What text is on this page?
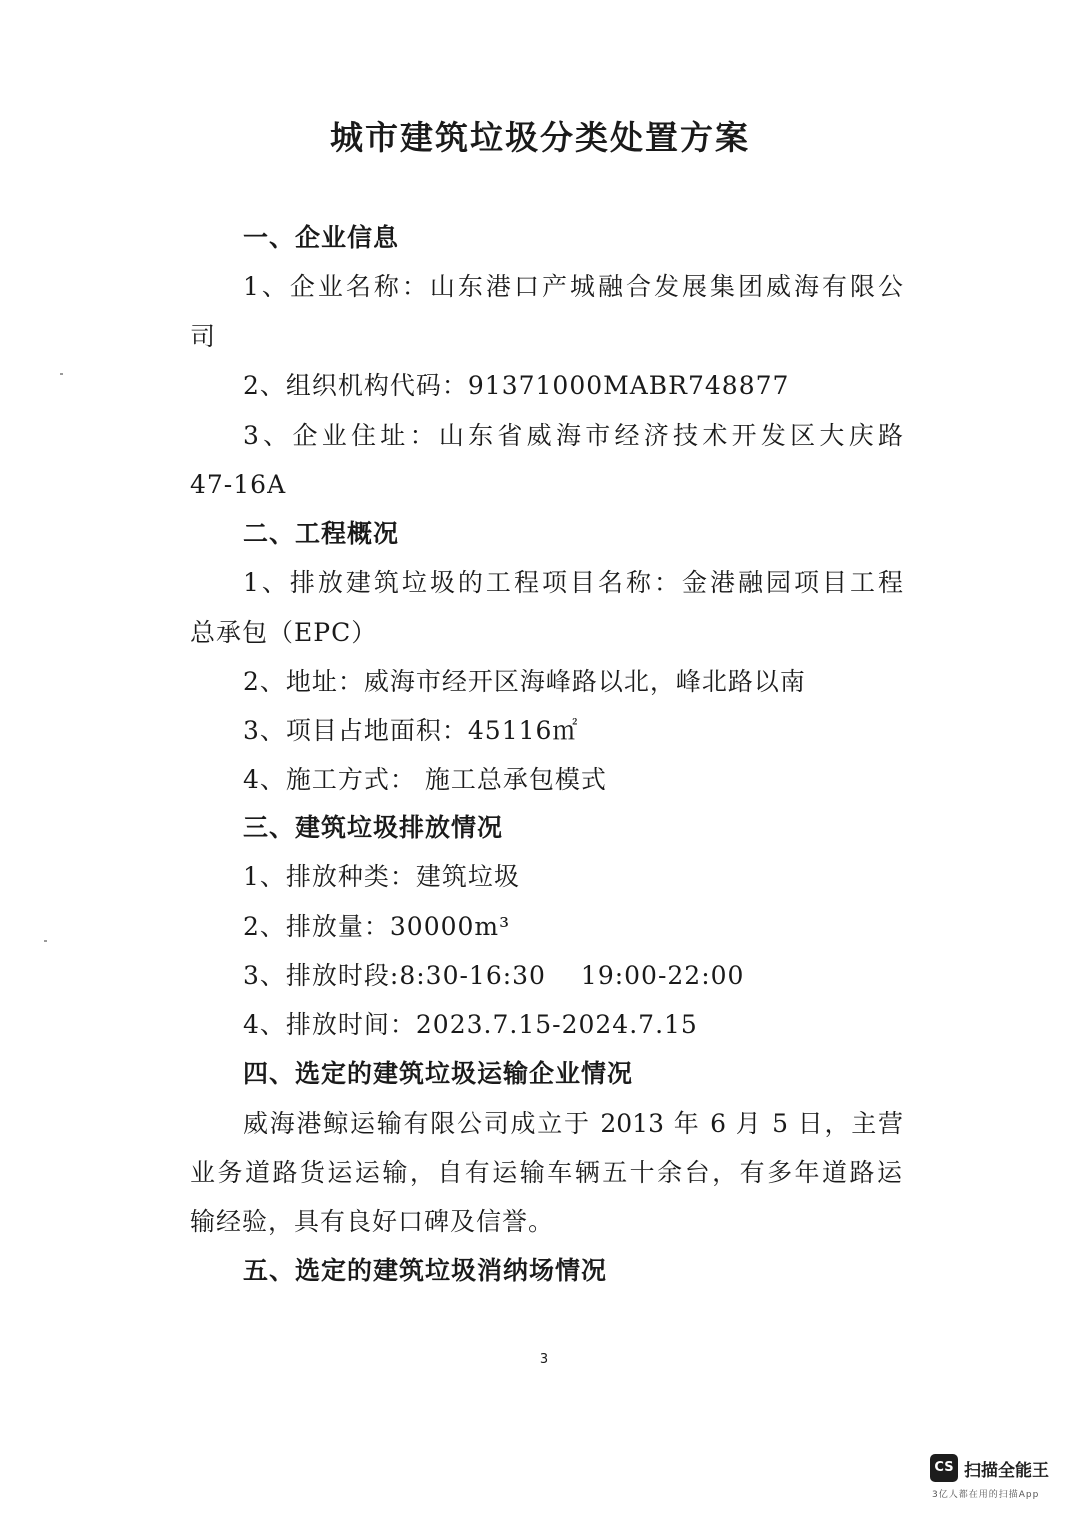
城市建筑垃圾分类处置方案
一、企业信息
1、企业名称：山东港口产城融合发展集团威海有限公
司
2、组织机构代码：91371000MABR748877
3、企业住址：山东省威海市经济技术开发区大庆路
47-16A
二、工程概况
1、排放建筑垃圾的工程项目名称：金港融园项目工程
总承包（EPC）
2、地址：威海市经开区海峰路以北，峰北路以南
3、项目占地面积：45116㎡
4、施工方式： 施工总承包模式
三、建筑垃圾排放情况
1、排放种类：建筑垃圾
2、排放量：30000m³
3、排放时段:8:30-16:30　 19:00-22:00
4、排放时间：2023.7.15-2024.7.15
四、选定的建筑垃圾运输企业情况
威海港鲸运输有限公司成立于 2013 年 6 月 5 日，主营
业务道路货运运输，自有运输车辆五十余台，有多年道路运
输经验，具有良好口碑及信誉。
五、选定的建筑垃圾消纳场情况
3
CS 扫描全能王
3亿人都在用的扫描App
